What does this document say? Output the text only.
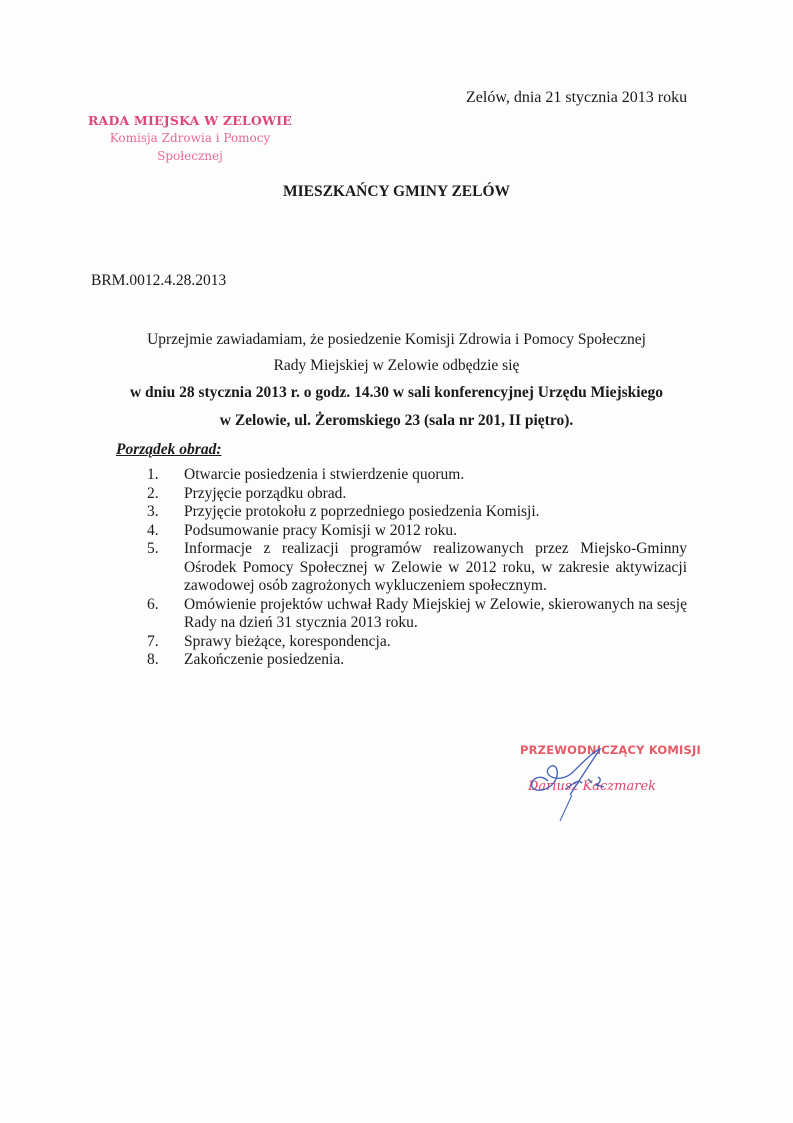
RADA MIEJSKA W ZELOWIE
Komisja Zdrowia i Pomocy
Społecznej
Zelów, dnia 21 stycznia 2013 roku
MIESZKAŃCY GMINY ZELÓW
BRM.0012.4.28.2013
Uprzejmie zawiadamiam, że posiedzenie Komisji Zdrowia i Pomocy Społecznej
Rady Miejskiej w Zelowie odbędzie się
w dniu 28 stycznia 2013 r. o godz. 14.30 w sali konferencyjnej Urzędu Miejskiego
w Zelowie, ul. Żeromskiego 23 (sala nr 201, II piętro).
Porządek obrad:
1.	Otwarcie posiedzenia i stwierdzenie quorum.
2.	Przyjęcie porządku obrad.
3.	Przyjęcie protokołu z poprzedniego posiedzenia Komisji.
4.	Podsumowanie pracy Komisji w 2012 roku.
5.	Informacje z realizacji programów realizowanych przez Miejsko-Gminny Ośrodek Pomocy Społecznej w Zelowie w 2012 roku, w zakresie aktywizacji zawodowej osób zagrożonych wykluczeniem społecznym.
6.	Omówienie projektów uchwał Rady Miejskiej w Zelowie, skierowanych na sesję Rady na dzień 31 stycznia 2013 roku.
7.	Sprawy bieżące, korespondencja.
8.	Zakończenie posiedzenia.
PRZEWODNICZĄCY KOMISJI
Dariusz Kaczmarek
